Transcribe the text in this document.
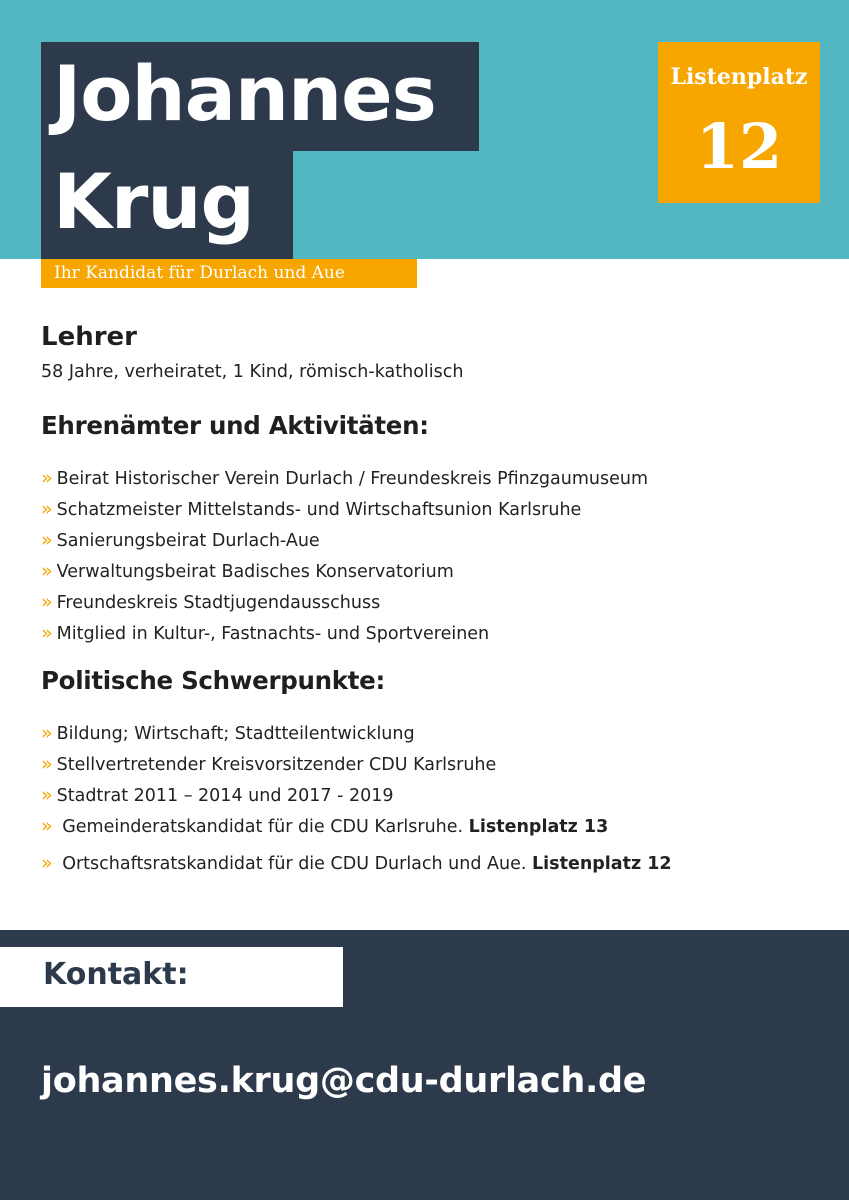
Johannes
Krug
Listenplatz
12
Ihr Kandidat für Durlach und Aue
Lehrer
58 Jahre, verheiratet, 1 Kind, römisch-katholisch
Ehrenämter und Aktivitäten:
» Beirat Historischer Verein Durlach / Freundeskreis Pfinzgaumuseum
» Schatzmeister Mittelstands- und Wirtschaftsunion Karlsruhe
» Sanierungsbeirat Durlach-Aue
» Verwaltungsbeirat Badisches Konservatorium
» Freundeskreis Stadtjugendausschuss
» Mitglied in Kultur-, Fastnachts- und Sportvereinen
Politische Schwerpunkte:
» Bildung; Wirtschaft; Stadtteilentwicklung
» Stellvertretender Kreisvorsitzender CDU Karlsruhe
» Stadtrat 2011 – 2014 und 2017 - 2019
» Gemeinderatskandidat für die CDU Karlsruhe. Listenplatz 13
» Ortschaftsratskandidat für die CDU Durlach und Aue. Listenplatz 12
Kontakt:
johannes.krug@cdu-durlach.de
